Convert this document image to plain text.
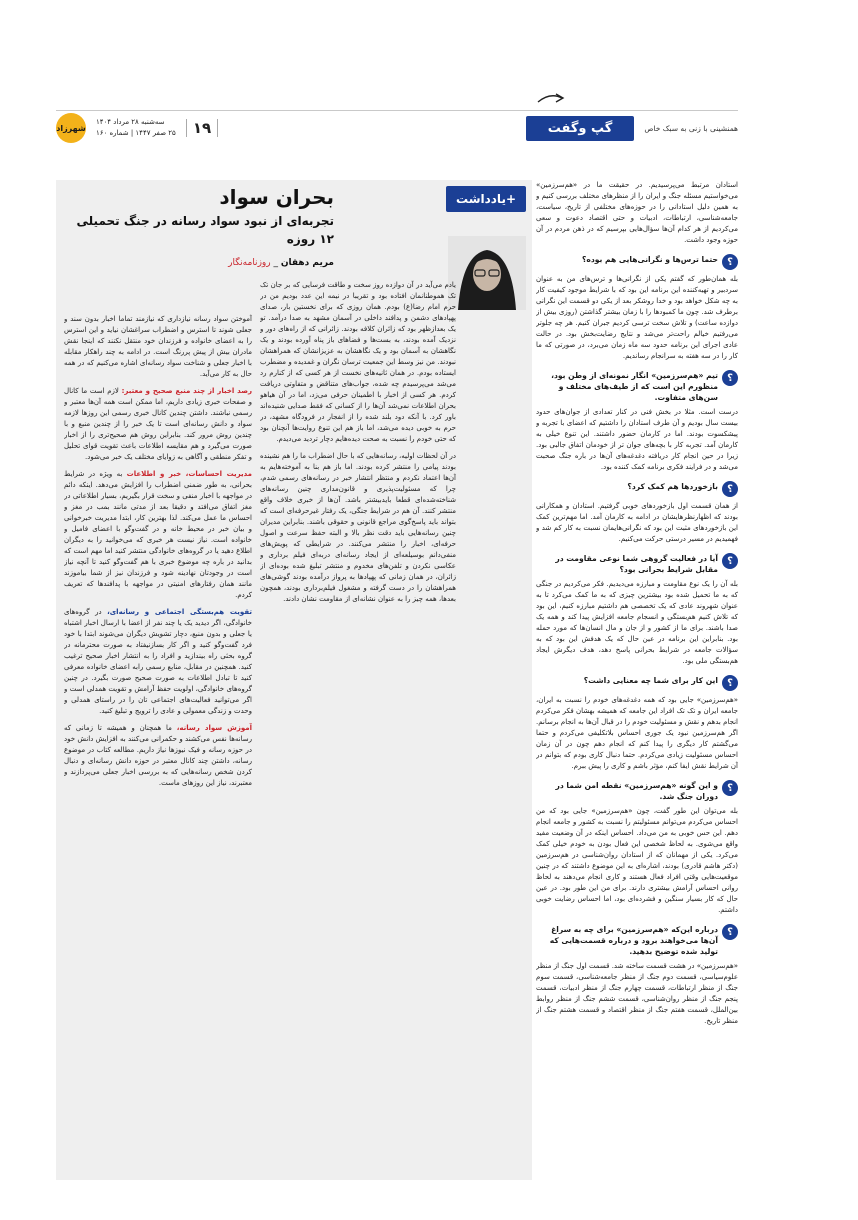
همنشینی با زنی به سبک خاص
گپ وگفت
۱۹
سه‌شنبه ۲۸ مرداد ۱۴۰۴
۲۵ صفر ۱۴۴۷ | شماره ۱۶۰
شهرزاد

استادان مرتبط می‌پرسیدیم. در حقیقت ما در «هم‌سرزمین» می‌خواستیم مسئله جنگ و ایران را از منظرهای مختلف بررسی کنیم و به همین دلیل استادانی را در حوزه‌های مختلفی از تاریخ، سیاست، جامعه‌شناسی، ارتباطات، ادبیات و حتی اقتصاد دعوت و سعی می‌کردیم از هر کدام آن‌ها سؤال‌هایی بپرسیم که در ذهن مردم در آن حوزه وجود داشت.

؟
حتما ترس‌ها و نگرانی‌هایی هم بوده؟

بله همان‌طور که گفتم یکی از نگرانی‌ها و ترس‌های من به عنوان سردبیر و تهیه‌کننده این برنامه این بود که با شرایط موجود کیفیت کار به چه شکل خواهد بود و خدا روشکر بعد از یکی دو قسمت این نگرانی برطرف شد. چون ما کمبودها را با زمان بیشتر گذاشتن (روزی بیش از دوازده ساعت) و تلاش سخت ترسی کردیم جبران کنیم. هر چه جلوتر می‌رفتیم خیالم راحت‌تر می‌شد و نتایج رضایت‌بخش بود. در حالت عادی اجرای این برنامه حدود سه ماه زمان می‌برد، در صورتی که ما کار را در سه هفته به سرانجام رساندیم.

؟
تیم «هم‌سرزمین» انگار نمونه‌ای از وطن بود، منظورم این است که از طیف‌های مختلف و سن‌های متفاوت.

درست است. مثلا در بخش فنی در کنار تعدادی از جوان‌های حدود بیست سال بودیم و آن طرف استادان را داشتیم که اعضای با تجربه و پیشکسوت بودند. اما در کارمان حضور داشتند. این تنوع خیلی به کارمان آمد. تجربه کار با بچه‌های جوان تر از خودمان اتفاق جالبی بود. زیرا در حین انجام کار دریافته دغدغه‌های آن‌ها در باره جنگ صحبت می‌شد و در فرایند فکری برنامه کمک کننده بود.

؟
بازخوردها هم کمک کرد؟

از همان قسمت اول بازخوردهای خوبی گرفتیم. استادان و همکارانی بودند که اظهارنظرهایشان در ادامه به کارمان آمد. اما مهم‌ترین کمک این بازخوردهای مثبت این بود که نگرانی‌هایمان نسبت به کار کم شد و فهمیدیم در مسیر درستی حرکت می‌کنیم.

؟
آیا در فعالیت گروهی شما نوعی مقاومت در مقابل شرایط بحرانی بود؟

بله آن را یک نوع مقاومت و مبارزه می‌دیدیم. فکر می‌کردیم در جنگی که به ما تحمیل شده بود بیشترین چیزی که به ما کمک می‌کرد تا به عنوان شهروند عادی که یک تخصصی هم داشتیم مبارزه کنیم، این بود که تلاش کنیم هم‌بستگی و انسجام جامعه افزایش پیدا کند و همه یک صدا باشند. برای ما از کشور و از جان و مال انسان‌ها که مورد حمله بود. بنابراین این برنامه در عین حال که یک هدفش این بود که به سؤالات جامعه در شرایط بحرانی پاسخ دهد، هدف دیگرش ایجاد هم‌بستگی ملی بود.

؟
این کار برای شما چه معنایی داشت؟

«هم‌سرزمین» جایی بود که همه دغدغه‌های خودم را نسبت به ایران، جامعه ایران و تک تک افراد این جامعه که همیشه بهشان فکر می‌کردم انجام بدهم و نقش و مسئولیت خودم را در قبال آن‌ها به انجام برسانم. اگر هم‌سرزمین نبود یک جوری احساس بلاتکلیفی می‌کردم و حتما می‌گشتم کار دیگری را پیدا کنم که انجام دهم چون در آن زمان احساس مسئولیت زیادی می‌کردم. حتما دنبال کاری بودم که بتوانم در آن شرایط نقش ایفا کنم، مؤثر باشم و کاری را پیش ببرم.

؟
و این گونه «هم‌سرزمین» نقطه امن شما در دوران جنگ شد.

بله می‌توان این طور گفت، چون «هم‌سرزمین» جایی بود که من احساس می‌کردم می‌توانم مسئولیتم را نسبت به کشور و جامعه انجام دهم. این حس خوبی به من می‌داد. احساس اینکه در آن وضعیت مفید واقع می‌شوی. به لحاظ شخصی این فعال بودن به خودم خیلی کمک می‌کرد. یکی از مهمانان که از استادان روان‌شناسی در هم‌سرزمین (دکتر هاشم قادری) بودند، اشاره‌ای به این موضوع داشتند که در چنین موقعیت‌هایی وقتی افراد فعال هستند و کاری انجام می‌دهند به لحاظ روانی احساس آرامش بیشتری دارند. برای من این طور بود. در عین حال که کار بسیار سنگین و فشرده‌ای بود، اما احساس رضایت خوبی داشتم.

؟
درباره این‌که «هم‌سرزمین» برای چه به سراغ آن‌ها می‌خواهند برود و درباره قسمت‌هایی که تولید شده توضیح بدهید.

«هم‌سرزمین» در هشت قسمت ساخته شد. قسمت اول جنگ از منظر علوم‌سیاسی، قسمت دوم جنگ از منظر جامعه‌شناسی، قسمت سوم جنگ از منظر ارتباطات، قسمت چهارم جنگ از منظر ادبیات، قسمت پنجم جنگ از منظر روان‌شناسی، قسمت ششم جنگ از منظر روابط بین‌الملل، قسمت هفتم جنگ از منظر اقتصاد و قسمت هشتم جنگ از منظر تاریخ.

+یادداشت
بحران سواد
تجربه‌ای از نبود سواد رسانه در جنگ تحمیلی ۱۲ روزه
مریم دهقان _ روزنامه‌نگار

یادم می‌آید در آن دوازده روز سخت و طاقت فرسایی که بر جان تک تک هموطنانمان افتاده بود و تقریبا در نیمه این عدد بودیم من در حرم امام رضا(ع) بودم. همان روزی که برای نخستین بار، صدای پهپادهای دشمن و پدافند داخلی در آسمان مشهد به صدا درآمد. تو یک بعدازظهر بود که زائران کلافه بودند. زائرانی که از راه‌های دور و نزدیک آمده بودند، به بست‌ها و فضاهای باز پناه آورده بودند و یک نگاهشان به آسمان بود و یک نگاهشان به عزیزانشان که همراهشان نبودند. من نیز وسط این جمعیت ترسان نگران و غمدیده و مضطرب ایستاده بودم. در همان ثانیه‌های نخست از هر کسی که از کنارم رد می‌شد می‌پرسیدم چه شده، جواب‌های متناقض و متفاوتی دریافت کردم. هر کسی از اخبار با اطمینان حرفی می‌زد، اما در آن هیاهو بحران اطلاعات نمی‌شد آن‌ها را از کسانی که فقط صدایی شنیده‌اند باور کرد. با آنکه دود بلند شده را از انفجار در فرودگاه مشهد، در حرم به خوبی دیده می‌شد، اما باز هم این تنوع روایت‌ها آنچنان بود که حتی خودم را نسبت به صحت دیده‌هایم دچار تردید می‌دیدم.

در آن لحظات اولیه، رسانه‌هایی که با حال اضطراب ما را هم نشینده بودند پیامی را منتشر کرده بودند. اما باز هم بنا به آموخته‌هایم به آن‌ها اعتماد نکردم و منتظر انتشار خبر در رسانه‌های رسمی شدم، چرا که مسئولیت‌پذیری و قانون‌مداری چنین رسانه‌های شناخته‌شده‌ای قطعا بایدبیشتر باشد. آن‌ها از خبری خلاف واقع منتشر کنند. آن هم در شرایط جنگی، یک رفتار غیرحرفه‌ای است که بتواند باید پاسخ‌گوی مراجع قانونی و حقوقی باشند. بنابراین مدیران چنین رسانه‌هایی باید دقت نظر بالا و البته حفظ سرعت و اصول حرفه‌ای، اخبار را منتشر می‌کنند. در شرایطی که پویش‌های منفی‌دانم بوسیلعه‌ای از ایجاد رسانه‌ای دربه‌ای فیلم برداری و عکاسی نکردن و تلفن‌های مخدوم و منتشر تبلیغ شده بوده‌ای از زائران، در همان زمانی که پهپادها به پرواز درآمده بودند گوشی‌های همراهشان را در دست گرفته و مشغول فیلم‌برداری بودند، همچون بعدها، همه چیز را به عنوان نشانه‌ای از مقاومت نشان دادند.

آموختن سواد رسانه نیازداری که نیازمند تماما اخبار بدون سند و جعلی شوند تا استرس و اضطراب سراغشان نیاید و این استرس را به اعضای خانواده و فرزندان خود منتقل نکنند که اینجا نقش مادران بیش از پیش پررنگ است. در ادامه به چند راهکار مقابله با اخبار جعلی و شناخت سواد رسانه‌ای اشاره می‌کنیم که در همه حال به کار می‌آید.

رصد اخبار از چند منبع صحیح و معتبر: لازم است ما کانال و صفحات خبری زیادی داریم، اما ممکن است همه آن‌ها معتبر و رسمی نباشند. داشتن چندین کانال خبری رسمی این روزها لازمه سواد و دانش رسانه‌ای است تا یک خبر را از چندین منبع و با چندین روش مرور کند. بنابراین روش هم صحیح‌تری را از اخبار صورت می‌گیرد و هم مقایسه اطلاعات باعث تقویت قوای تحلیل و تفکر منطقی و آگاهی به زوایای مختلف یک خبر می‌شود.

مدیریت احساسات، خبر و اطلاعات به ویژه در شرایط بحرانی، به طور ضمنی اضطراب را افزایش می‌دهد. اینکه دائم در مواجهه با اخبار منفی و سخت قرار بگیریم، بسیار اطلاعاتی در مغز اتفاق می‌افتد و دقیقا بعد از مدتی مانند بمب در مغز و احساس ما عمل می‌کند. لذا بهترین کار، ابتدا مدیریت خبرخوانی و بیان خبر در محیط خانه و در گفت‌وگو با اعضای فامیل و خانواده است. نیاز نیست هر خبری که می‌خوانید را به دیگران اطلاع دهید یا در گروه‌های خانوادگی منتشر کنید اما مهم است که بدانید در باره چه موضوع خبری با هم گفت‌وگو کنید تا آنچه نیاز است در وجودتان نهادینه شود و فرزندان نیز از شما بیاموزند مانند همان رفتارهای امنیتی در مواجهه با پدافندها که تعریف کردم.

تقویت هم‌بستگی اجتماعی و رسانه‌ای، در گروه‌های خانوادگی، اگر دیدید یک یا چند نفر از اعضا با ارسال اخبار اشتباه یا جعلی و بدون منبع، دچار تشویش دیگران می‌شوند ابتدا با خود فرد گفت‌وگو کنید و اگر کار بسازنیفتاد به صورت محترمانه در گروه بحثی راه بیندازید و افراد را به انتشار اخبار صحیح ترغیب کنید. همچنین در مقابل، منابع رسمی رابه اعضای خانواده معرفی کنید تا تبادل اطلاعات به صورت صحیح صورت بگیرد. در چنین گروه‌های خانوادگی، اولویت حفظ آرامش و تقویت همدلی است و اگر می‌توانید فعالیت‌های اجتماعی تان را در راستای همدلی و وحدت و زندگی معمولی و عادی را ترویج و تبلیغ کنید.

آموزش سواد رسانه، ما همچنان و همیشه تا زمانی که رسانه‌ها نفس می‌کشند و حکمرانی می‌کنند به افزایش دانش خود در حوزه رسانه و فیک نیوزها نیاز داریم. مطالعه کتاب در موضوع رسانه، داشتن چند کانال معتبر در حوزه دانش رسانه‌ای و دنبال کردن شخص رسانه‌هایی که به بررسی اخبار جعلی می‌پردازند و معتبرند، نیاز این روزهای ماست.
